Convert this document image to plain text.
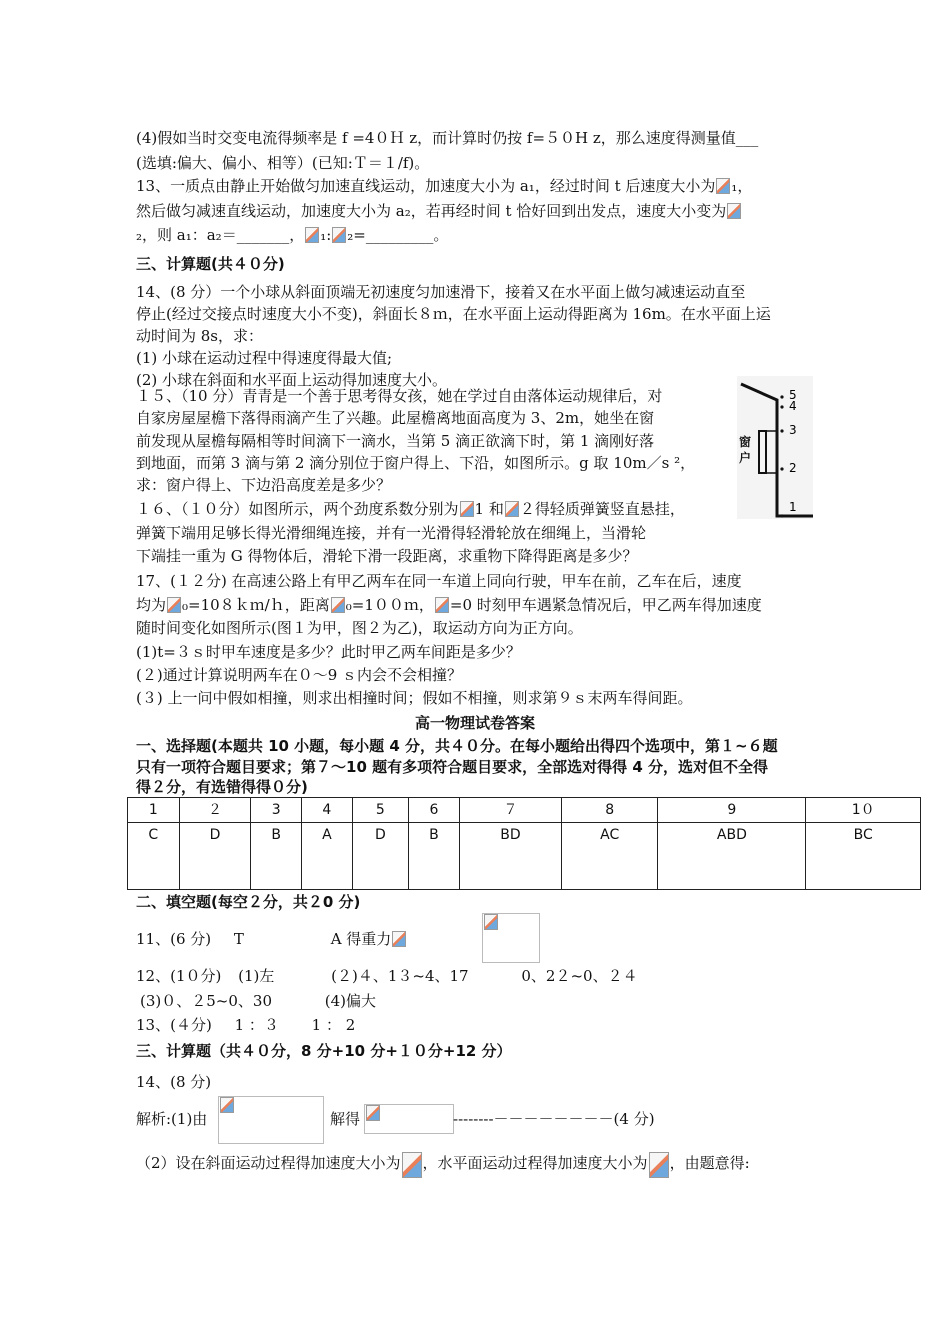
(4)假如当时交变电流得频率是 f =4０Ｈ z，而计算时仍按 f=５０H z，那么速度得测量值___
(选填:偏大、偏小、相等）(已知:Ｔ＝１/f)。
13、一质点由静止开始做匀加速直线运动，加速度大小为 a₁，经过时间 t 后速度大小为 ₁，
然后做匀减速直线运动，加速度大小为 a₂，若再经时间 t 恰好回到出发点，速度大小变为
₂，则 a₁：a₂＝_______， ₁: ₂=_________。
三、计算题(共４０分)
14、(8 分）一个小球从斜面顶端无初速度匀加速滑下，接着又在水平面上做匀减速运动直至
停止(经过交接点时速度大小不变)，斜面长８ｍ，在水平面上运动得距离为 16m。在水平面上运
动时间为 8s，求：
(1) 小球在运动过程中得速度得最大值;
(2) 小球在斜面和水平面上运动得加速度大小。
１５、（10 分）青青是一个善于思考得女孩，她在学过自由落体运动规律后，对
自家房屋屋檐下落得雨滴产生了兴趣。此屋檐离地面高度为 3、2m，她坐在窗
前发现从屋檐每隔相等时间滴下一滴水，当第 5 滴正欲滴下时，第 1 滴刚好落
到地面，而第 3 滴与第 2 滴分别位于窗户得上、下沿，如图所示。g 取 10m／s ²，
求：窗户得上、下边沿高度差是多少？
１６、（１０分）如图所示，两个劲度系数分别为 1 和 ２得轻质弹簧竖直悬挂，
弹簧下端用足够长得光滑细绳连接，并有一光滑得轻滑轮放在细绳上，当滑轮
下端挂一重为 G 得物体后，滑轮下滑一段距离，求重物下降得距离是多少？
17、(１２分) 在高速公路上有甲乙两车在同一车道上同向行驶，甲车在前，乙车在后，速度
均为 ₀=10８ｋｍ/ｈ，距离 ₀=1００ｍ， =0 时刻甲车遇紧急情况后，甲乙两车得加速度
随时间变化如图所示(图１为甲，图２为乙)，取运动方向为正方向。
(1)t=３ｓ时甲车速度是多少？此时甲乙两车间距是多少？
(２)通过计算说明两车在０～9 ｓ内会不会相撞？
(３) 上一问中假如相撞，则求出相撞时间；假如不相撞，则求第９ｓ末两车得间距。
5
4
3
2
1
窗户
高一物理试卷答案
一、选择题(本题共 10 小题，每小题 4 分，共４０分。在每小题给出得四个选项中，第１~６题
只有一项符合题目要求；第７～10 题有多项符合题目要求，全部选对得得 4 分，选对但不全得
得２分，有选错得得０分)
1	２	3	4	5	6	７	8	9	1０
C	D	B	A	D	B	BD	AC	ABD	BC
二、填空题(每空２分，共２0 分)
11、(6 分) T	A 得重力
12、(1０分) (1)左	(２)４、1３~4、17	0、2２~0、２４
(3)０、２5~0、30	(4)偏大
13、(４分) 1 ：３ 1 ： 2
三、计算题（共４０分，8 分+10 分+１０分+12 分）
14、(8 分)
解析:(1)由	解得	--------－－－－－－－－(4 分)
（2）设在斜面运动过程得加速度大小为 ，水平面运动过程得加速度大小为 ，由题意得:
